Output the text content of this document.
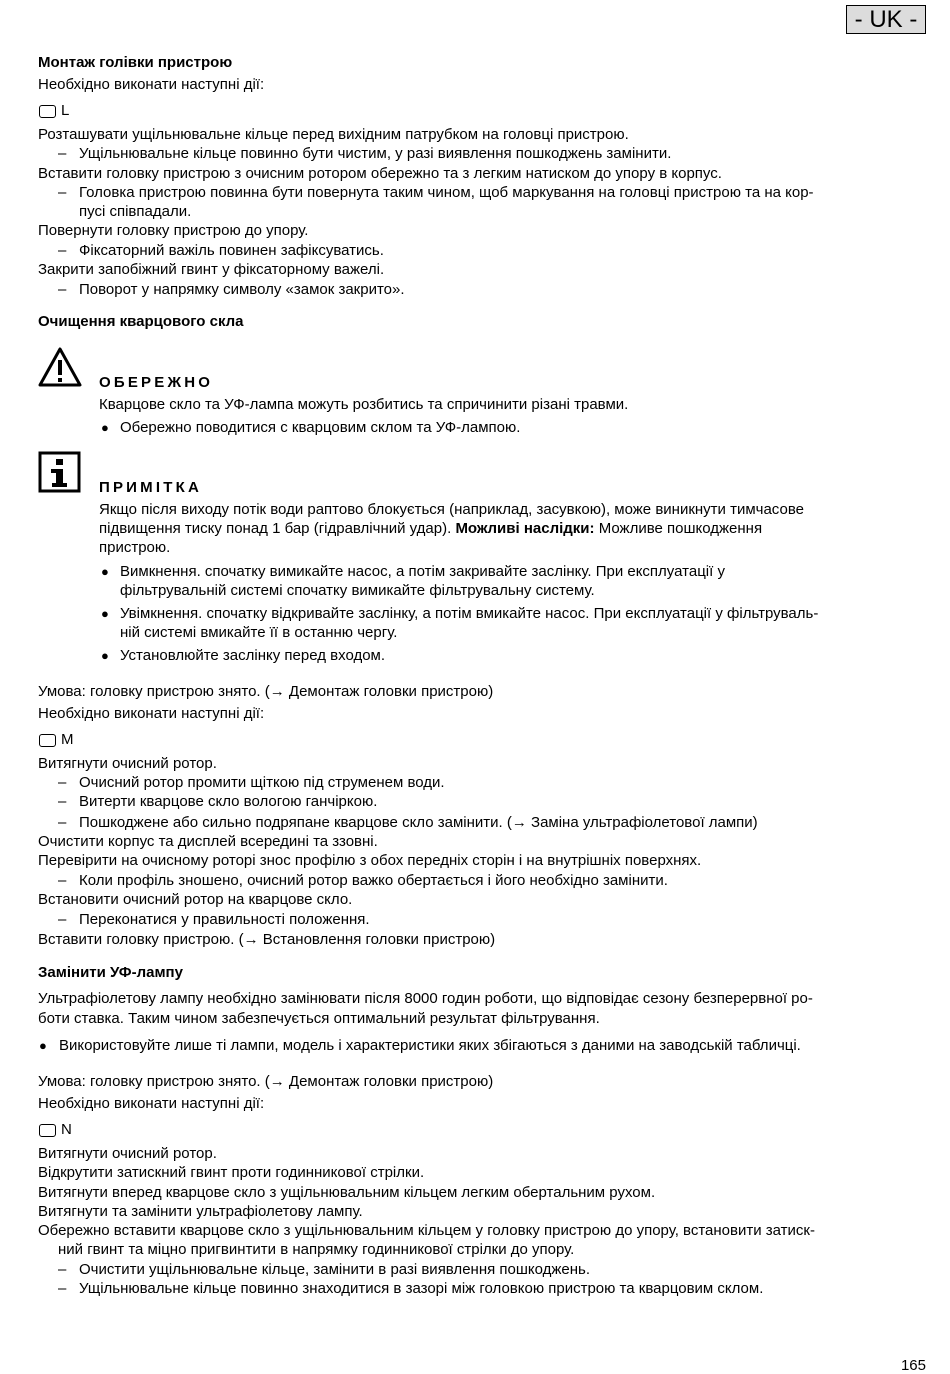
- UK -
Монтаж голівки пристрою
Необхідно виконати наступні дії:
L
Розташувати ущільнювальне кільце перед вихідним патрубком на головці пристрою.
– Ущільнювальне кільце повинно бути чистим, у разі виявлення пошкоджень замінити.
Вставити головку пристрою з очисним ротором обережно та з легким натиском до упору в корпус.
– Головка пристрою повинна бути повернута таким чином, щоб маркування на головці пристрою та на кор-
пусі співпадали.
Повернути головку пристрою до упору.
– Фіксаторний важіль повинен зафіксуватись.
Закрити запобіжний гвинт у фіксаторному важелі.
– Поворот у напрямку символу «замок закрито».
Очищення кварцового скла
ОБЕРЕЖНО
Кварцове скло та УФ-лампа можуть розбитись та спричинити різані травми.
● Обережно поводитися с кварцовим склом та УФ-лампою.
ПРИМІТКА
Якщо після виходу потік води раптово блокується (наприклад, засувкою), може виникнути тимчасове
підвищення тиску понад 1 бар (гідравлічний удар). Можливі наслідки: Можливе пошкодження
пристрою.
● Вимкнення. спочатку вимикайте насос, а потім закривайте заслінку. При експлуатації у
фільтрувальній системі спочатку вимикайте фільтрувальну систему.
● Увімкнення. спочатку відкривайте заслінку, а потім вмикайте насос. При експлуатації у фільтруваль-
ній системі вмикайте її в останню чергу.
● Установлюйте заслінку перед входом.
Умова: головку пристрою знято. (→ Демонтаж головки пристрою)
Необхідно виконати наступні дії:
M
Витягнути очисний ротор.
– Очисний ротор промити щіткою під струменем води.
– Витерти кварцове скло вологою ганчіркою.
– Пошкоджене або сильно подряпане кварцове скло замінити. (→ Заміна ультрафіолетової лампи)
Очистити корпус та дисплей всередині та ззовні.
Перевірити на очисному роторі знос профілю з обох передніх сторін і на внутрішніх поверхнях.
– Коли профіль зношено, очисний ротор важко обертається і його необхідно замінити.
Встановити очисний ротор на кварцове скло.
– Переконатися у правильності положення.
Вставити головку пристрою. (→ Встановлення головки пристрою)
Замінити УФ-лампу
Ультрафіолетову лампу необхідно замінювати після 8000 годин роботи, що відповідає сезону безперервної ро-
боти ставка. Таким чином забезпечується оптимальний результат фільтрування.
● Використовуйте лише ті лампи, модель і характеристики яких збігаються з даними на заводській табличці.
Умова: головку пристрою знято. (→ Демонтаж головки пристрою)
Необхідно виконати наступні дії:
N
Витягнути очисний ротор.
Відкрутити затискний гвинт проти годинникової стрілки.
Витягнути вперед кварцове скло з ущільнювальним кільцем легким обертальним рухом.
Витягнути та замінити ультрафіолетову лампу.
Обережно вставити кварцове скло з ущільнювальним кільцем у головку пристрою до упору, встановити затиск-
ний гвинт та міцно пригвинтити в напрямку годинникової стрілки до упору.
– Очистити ущільнювальне кільце, замінити в разі виявлення пошкоджень.
– Ущільнювальне кільце повинно знаходитися в зазорі між головкою пристрою та кварцовим склом.
165
